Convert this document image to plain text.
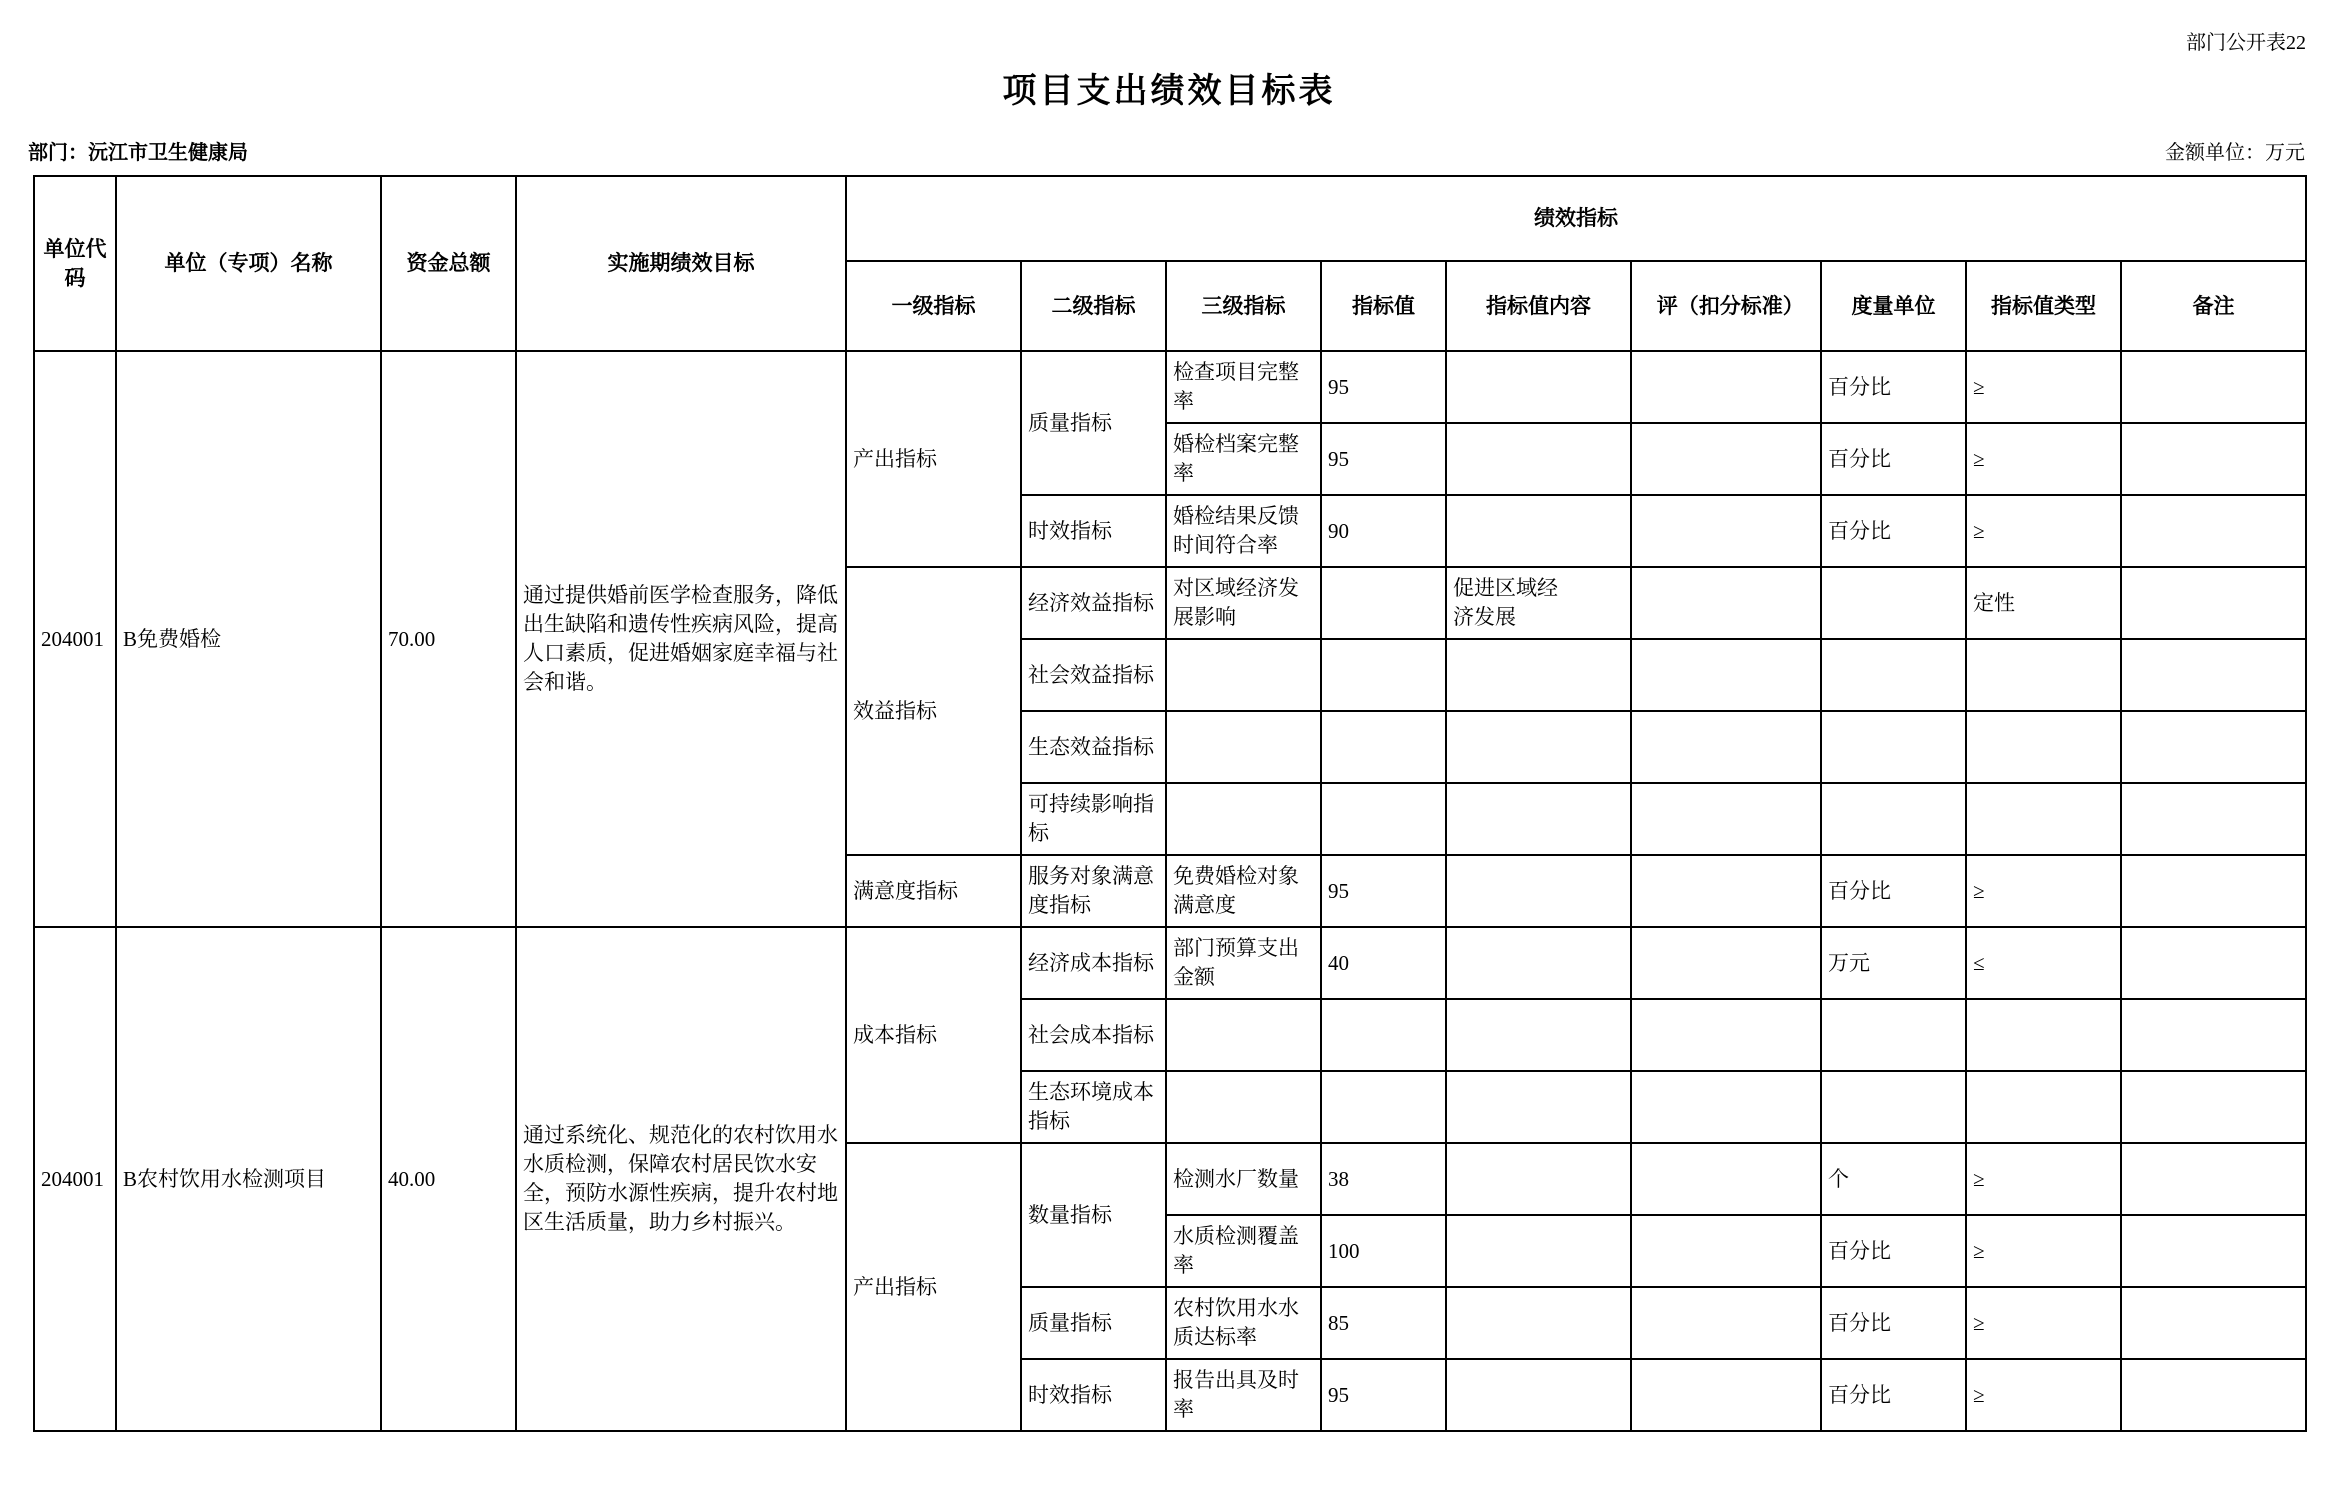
部门公开表22
项目支出绩效目标表
部门：沅江市卫生健康局	金额单位：万元
单位代码	单位（专项）名称	资金总额	实施期绩效目标	绩效指标								
				一级指标	二级指标	三级指标	指标值	指标值内容	评（扣分标准）	度量单位	指标值类型	备注
204001	B免费婚检	70.00	通过提供婚前医学检查服务，降低出生缺陷和遗传性疾病风险，提高人口素质，促进婚姻家庭幸福与社会和谐。	产出指标	质量指标	检查项目完整率	95			百分比	≥	
						婚检档案完整率	95			百分比	≥	
					时效指标	婚检结果反馈时间符合率	90			百分比	≥	
				效益指标	经济效益指标	对区域经济发展影响		促进区域经济发展			定性	
					社会效益指标							
					生态效益指标							
					可持续影响指标							
				满意度指标	服务对象满意度指标	免费婚检对象满意度	95			百分比	≥	
204001	B农村饮用水检测项目	40.00	通过系统化、规范化的农村饮用水水质检测，保障农村居民饮水安全，预防水源性疾病，提升农村地区生活质量，助力乡村振兴。	成本指标	经济成本指标	部门预算支出金额	40			万元	≤	
					社会成本指标							
					生态环境成本指标							
				产出指标	数量指标	检测水厂数量	38			个	≥	
						水质检测覆盖率	100			百分比	≥	
					质量指标	农村饮用水水质达标率	85			百分比	≥	
					时效指标	报告出具及时率	95			百分比	≥	
